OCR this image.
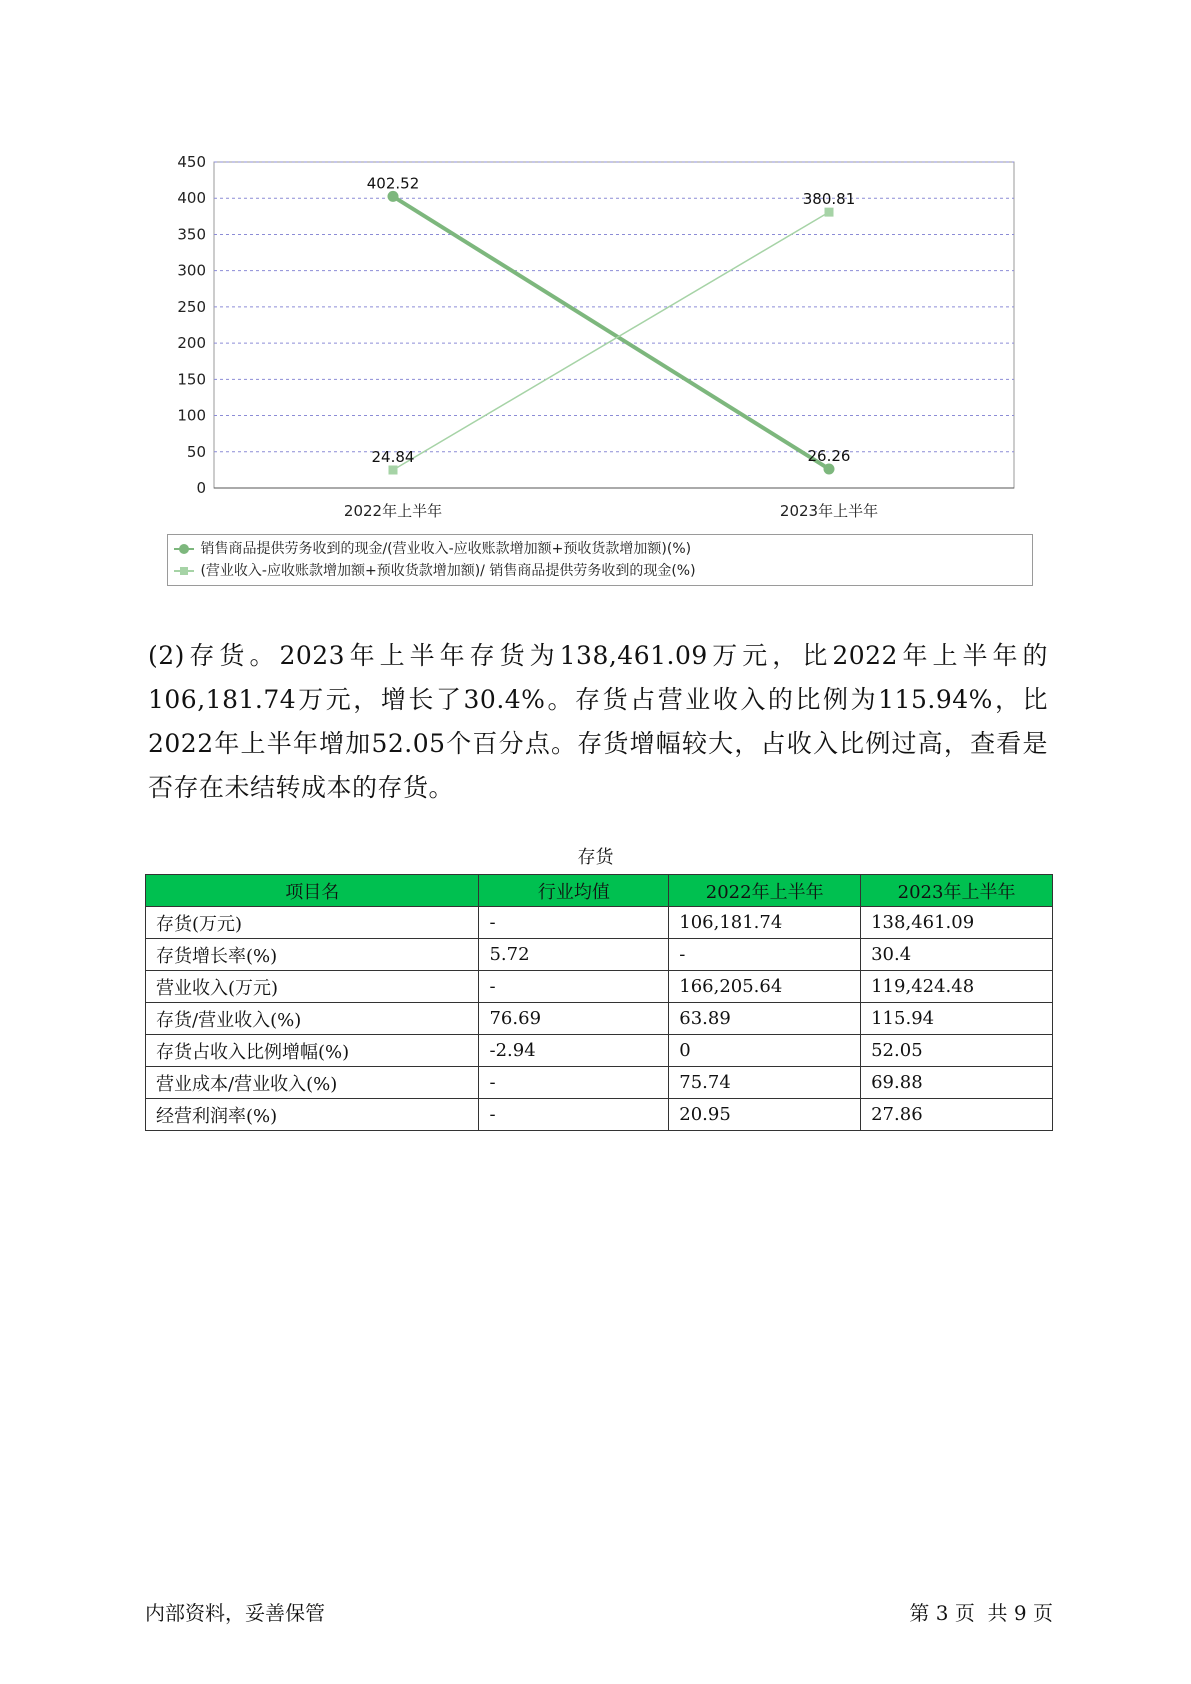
0
50
100
150
200
250
300
350
400
450
2022年上半年	2023年上半年
402.52
26.26
24.84
380.81
销售商品提供劳务收到的现金/(营业收入-应收账款增加额+预收货款增加额)(%)
(营业收入-应收账款增加额+预收货款增加额)/ 销售商品提供劳务收到的现金(%)
(2)存货。2023年上半年存货为138,461.09万元，比2022年上半年的106,181.74万元，增长了30.4%。存货占营业收入的比例为115.94%，比2022年上半年增加52.05个百分点。存货增幅较大，占收入比例过高，查看是否存在未结转成本的存货。
存货
项目名	行业均值	2022年上半年	2023年上半年
存货(万元)	-	106,181.74	138,461.09
存货增长率(%)	5.72	-	30.4
营业收入(万元)	-	166,205.64	119,424.48
存货/营业收入(%)	76.69	63.89	115.94
存货占收入比例增幅(%)	-2.94	0	52.05
营业成本/营业收入(%)	-	75.74	69.88
经营利润率(%)	-	20.95	27.86
内部资料，妥善保管	第 3 页  共 9 页
